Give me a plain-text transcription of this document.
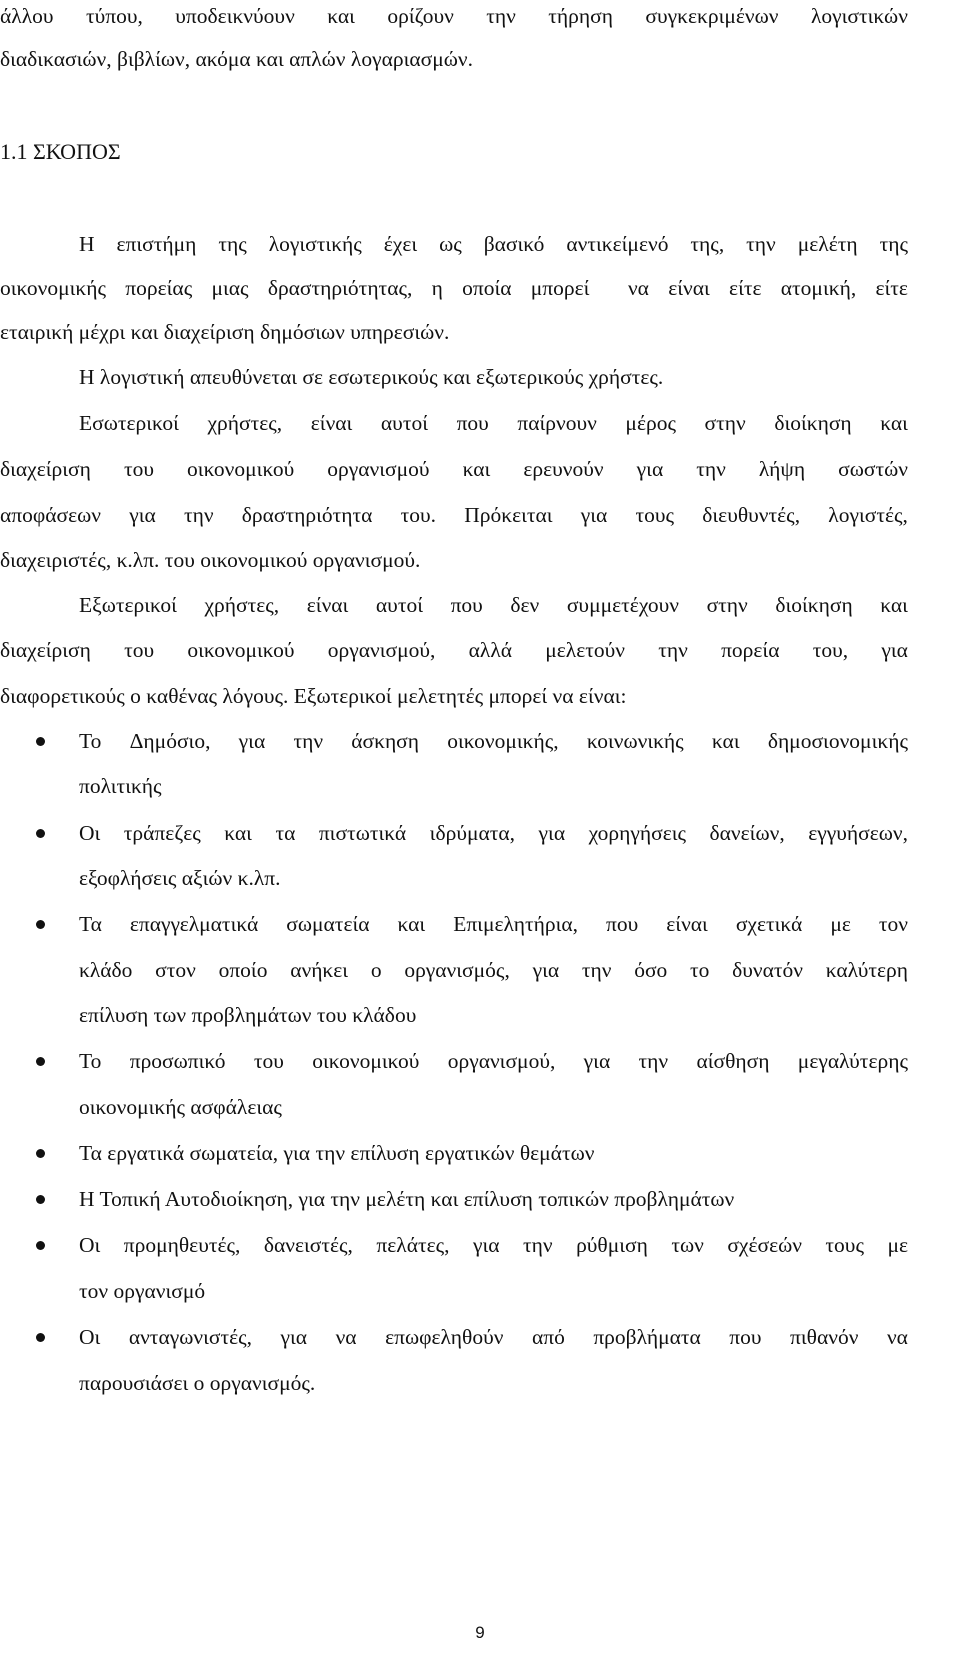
άλλου τύπου, υποδεικνύουν και ορίζουν την τήρηση συγκεκριμένων λογιστικών
διαδικασιών, βιβλίων, ακόμα και απλών λογαριασμών.
Η επιστήμη της λογιστικής έχει ως βασικό αντικείμενό της, την μελέτη της
οικονομικής πορείας μιας δραστηριότητας, η οποία μπορεί να είναι είτε ατομική, είτε
εταιρική μέχρι και διαχείριση δημόσιων υπηρεσιών.
Η λογιστική απευθύνεται σε εσωτερικούς και εξωτερικούς χρήστες.
Εσωτερικοί χρήστες, είναι αυτοί που παίρνουν μέρος στην διοίκηση και
διαχείριση του οικονομικού οργανισμού και ερευνούν για την λήψη σωστών
αποφάσεων για την δραστηριότητα του. Πρόκειται για τους διευθυντές, λογιστές,
διαχειριστές, κ.λπ. του οικονομικού οργανισμού.
Εξωτερικοί χρήστες, είναι αυτοί που δεν συμμετέχουν στην διοίκηση και
διαχείριση του οικονομικού οργανισμού, αλλά μελετούν την πορεία του, για
διαφορετικούς ο καθένας λόγους. Εξωτερικοί μελετητές μπορεί να είναι:
Το Δημόσιο, για την άσκηση οικονομικής, κοινωνικής και δημοσιονομικής
πολιτικής
Οι τράπεζες και τα πιστωτικά ιδρύματα, για χορηγήσεις δανείων, εγγυήσεων,
εξοφλήσεις αξιών κ.λπ.
Τα επαγγελματικά σωματεία και Επιμελητήρια, που είναι σχετικά με τον
κλάδο στον οποίο ανήκει ο οργανισμός, για την όσο το δυνατόν καλύτερη
επίλυση των προβλημάτων του κλάδου
Το προσωπικό του οικονομικού οργανισμού, για την αίσθηση μεγαλύτερης
οικονομικής ασφάλειας
Τα εργατικά σωματεία, για την επίλυση εργατικών θεμάτων
Η Τοπική Αυτοδιοίκηση, για την μελέτη και επίλυση τοπικών προβλημάτων
Οι προμηθευτές, δανειστές, πελάτες, για την ρύθμιση των σχέσεών τους με
τον οργανισμό
Οι ανταγωνιστές, για να επωφεληθούν από προβλήματα που πιθανόν να
παρουσιάσει ο οργανισμός.
1.1 ΣΚΟΠΟΣ
9
